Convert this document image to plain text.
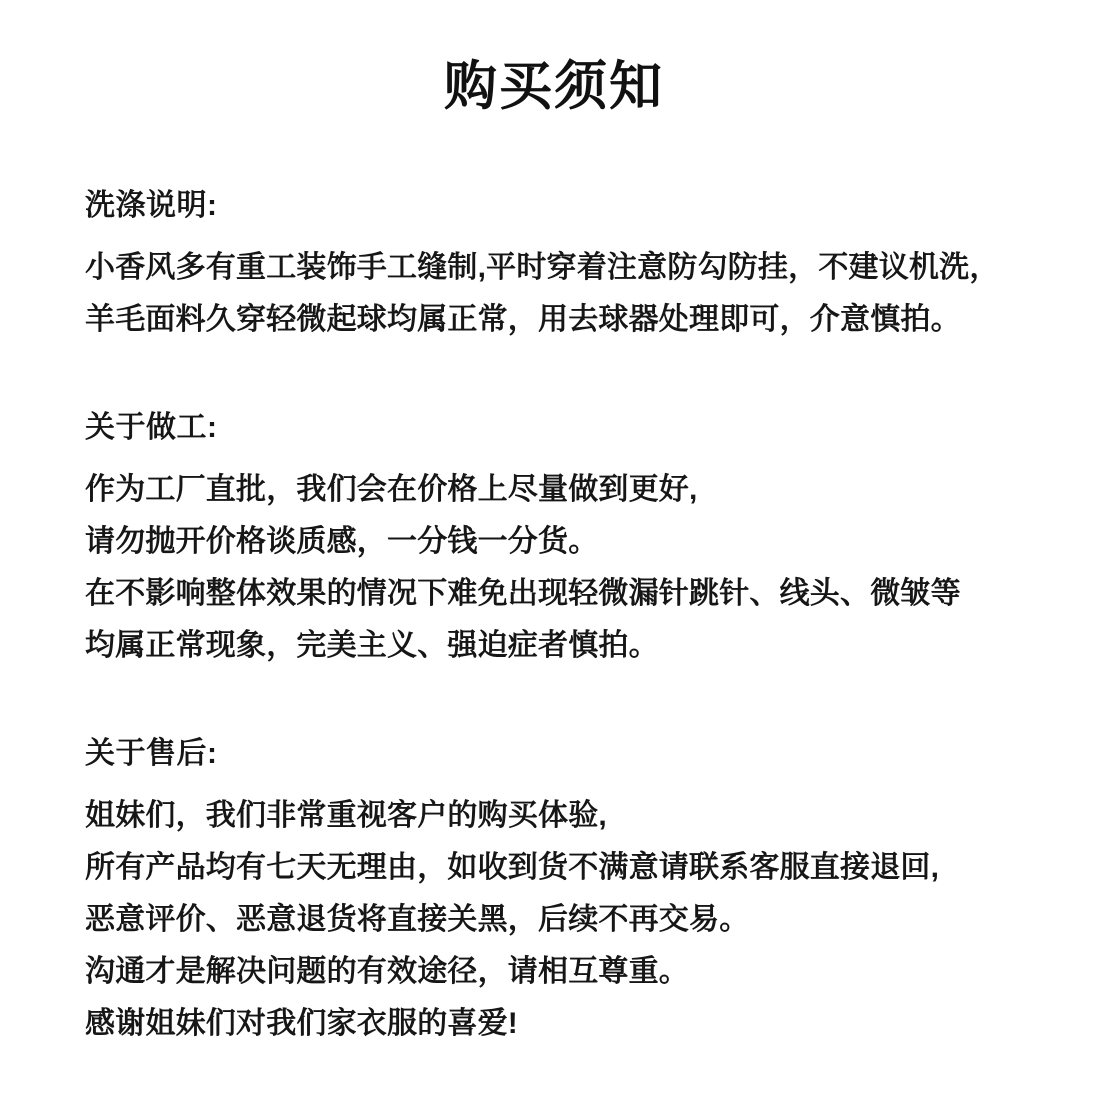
购买须知
洗涤说明:
小香风多有重工装饰手工缝制,平时穿着注意防勾防挂，不建议机洗，
羊毛面料久穿轻微起球均属正常，用去球器处理即可，介意慎拍。
关于做工:
作为工厂直批，我们会在价格上尽量做到更好,
请勿抛开价格谈质感，一分钱一分货。
在不影响整体效果的情况下难免出现轻微漏针跳针、线头、微皱等
均属正常现象，完美主义、强迫症者慎拍。
关于售后:
姐妹们，我们非常重视客户的购买体验,
所有产品均有七天无理由，如收到货不满意请联系客服直接退回,
恶意评价、恶意退货将直接关黑，后续不再交易。
沟通才是解决问题的有效途径，请相互尊重。
感谢姐妹们对我们家衣服的喜爱!
